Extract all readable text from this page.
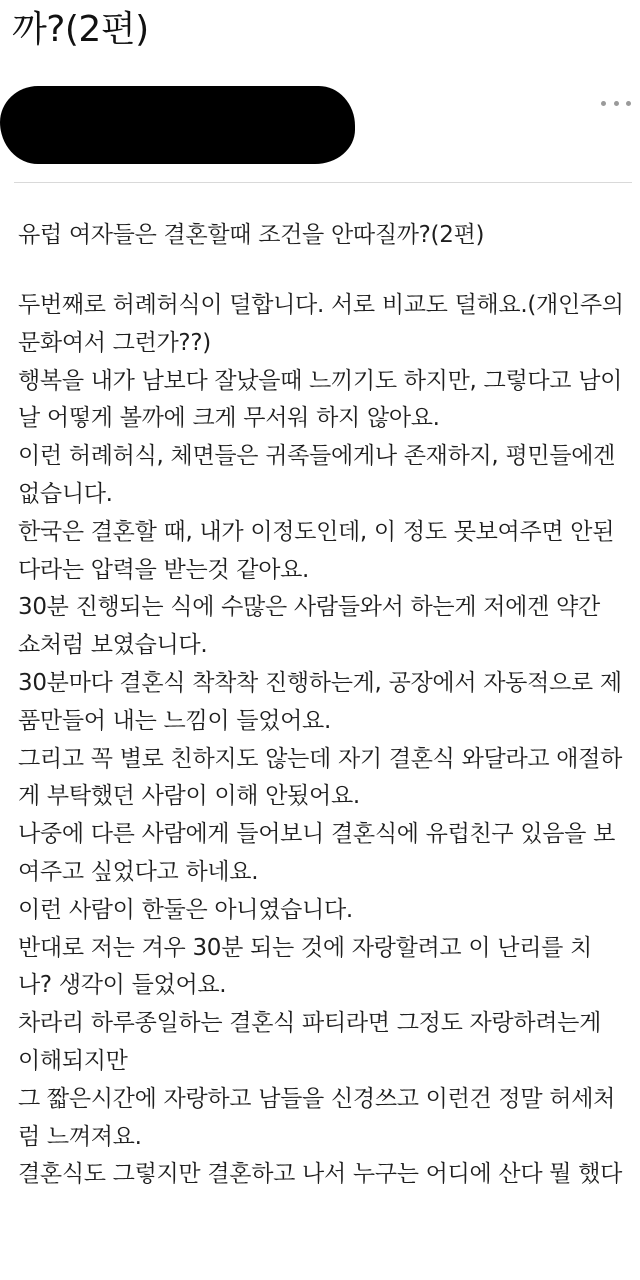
까?(2편)
유럽 여자들은 결혼할때 조건을 안따질까?(2편)
두번째로 허례허식이 덜합니다. 서로 비교도 덜해요.(개인주의
문화여서 그런가??)
행복을 내가 남보다 잘났을때 느끼기도 하지만, 그렇다고 남이
날 어떻게 볼까에 크게 무서워 하지 않아요.
이런 허례허식, 체면들은 귀족들에게나 존재하지, 평민들에겐
없습니다.
한국은 결혼할 때, 내가 이정도인데, 이 정도 못보여주면 안된
다라는 압력을 받는것 같아요.
30분 진행되는 식에 수많은 사람들와서 하는게 저에겐 약간
쇼처럼 보였습니다.
30분마다 결혼식 착착착 진행하는게, 공장에서 자동적으로 제
품만들어 내는 느낌이 들었어요.
그리고 꼭 별로 친하지도 않는데 자기 결혼식 와달라고 애절하
게 부탁했던 사람이 이해 안됬어요.
나중에 다른 사람에게 들어보니 결혼식에 유럽친구 있음을 보
여주고 싶었다고 하네요.
이런 사람이 한둘은 아니였습니다.
반대로 저는 겨우 30분 되는 것에 자랑할려고 이 난리를 치
나? 생각이 들었어요.
차라리 하루종일하는 결혼식 파티라면 그정도 자랑하려는게
이해되지만
그 짧은시간에 자랑하고 남들을 신경쓰고 이런건 정말 허세처
럼 느껴져요.
결혼식도 그렇지만 결혼하고 나서 누구는 어디에 산다 뭘 했다
